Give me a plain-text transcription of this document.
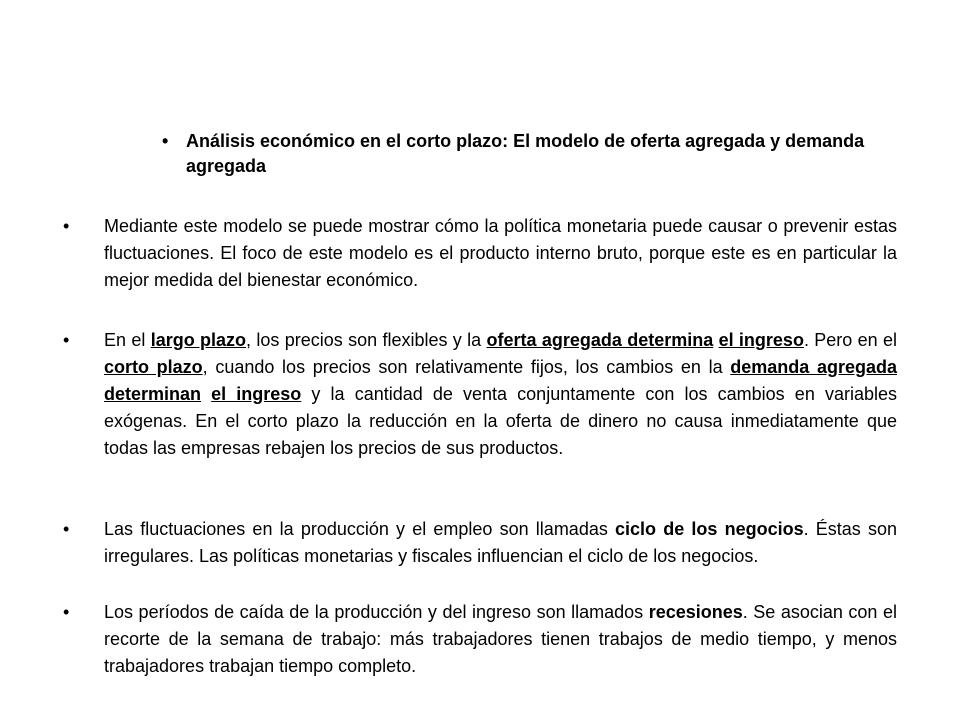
• Análisis económico en el corto plazo: El modelo de oferta agregada y demanda agregada
• Mediante este modelo se puede mostrar cómo la política monetaria puede causar o prevenir estas fluctuaciones. El foco de este modelo es el producto interno bruto, porque este es en particular la mejor medida del bienestar económico.
• En el largo plazo, los precios son flexibles y la oferta agregada determina el ingreso. Pero en el corto plazo, cuando los precios son relativamente fijos, los cambios en la demanda agregada determinan el ingreso y la cantidad de venta conjuntamente con los cambios en variables exógenas. En el corto plazo la reducción en la oferta de dinero no causa inmediatamente que todas las empresas rebajen los precios de sus productos.
• Las fluctuaciones en la producción y el empleo son llamadas ciclo de los negocios. Éstas son irregulares. Las políticas monetarias y fiscales influencian el ciclo de los negocios.
• Los períodos de caída de la producción y del ingreso son llamados recesiones. Se asocian con el recorte de la semana de trabajo: más trabajadores tienen trabajos de medio tiempo, y menos trabajadores trabajan tiempo completo.
